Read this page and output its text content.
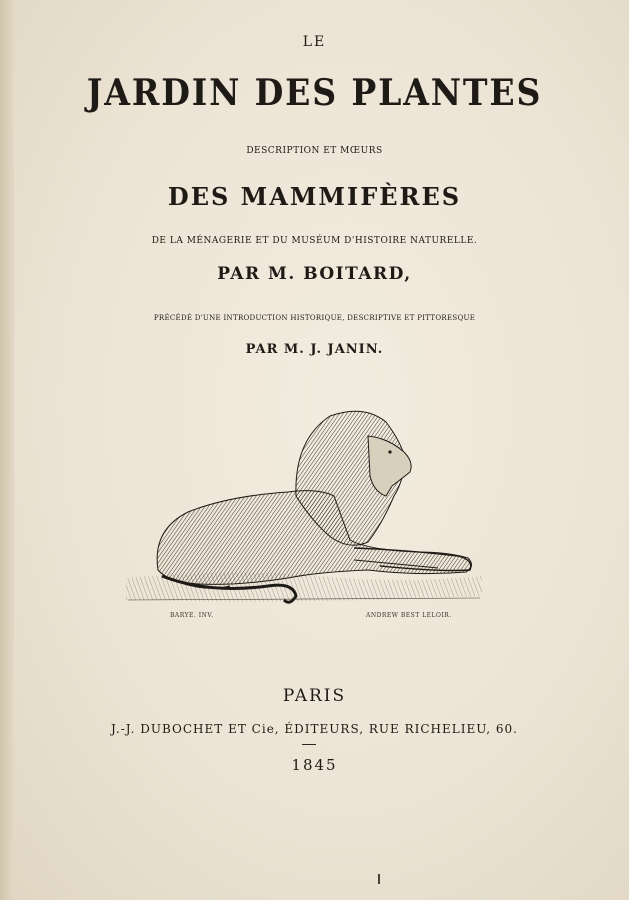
LE

JARDIN DES PLANTES

DESCRIPTION ET MŒURS

DES MAMMIFÈRES

DE LA MÉNAGERIE ET DU MUSÉUM D'HISTOIRE NATURELLE.

PAR M. BOITARD,

PRÉCÉDÉ D'UNE INTRODUCTION HISTORIQUE, DESCRIPTIVE ET PITTORESQUE

PAR M. J. JANIN.

BARYE. INV.	ANDREW BEST LELOIR.

PARIS

J.-J. DUBOCHET ET Cie, ÉDITEURS, RUE RICHELIEU, 60.

1845
